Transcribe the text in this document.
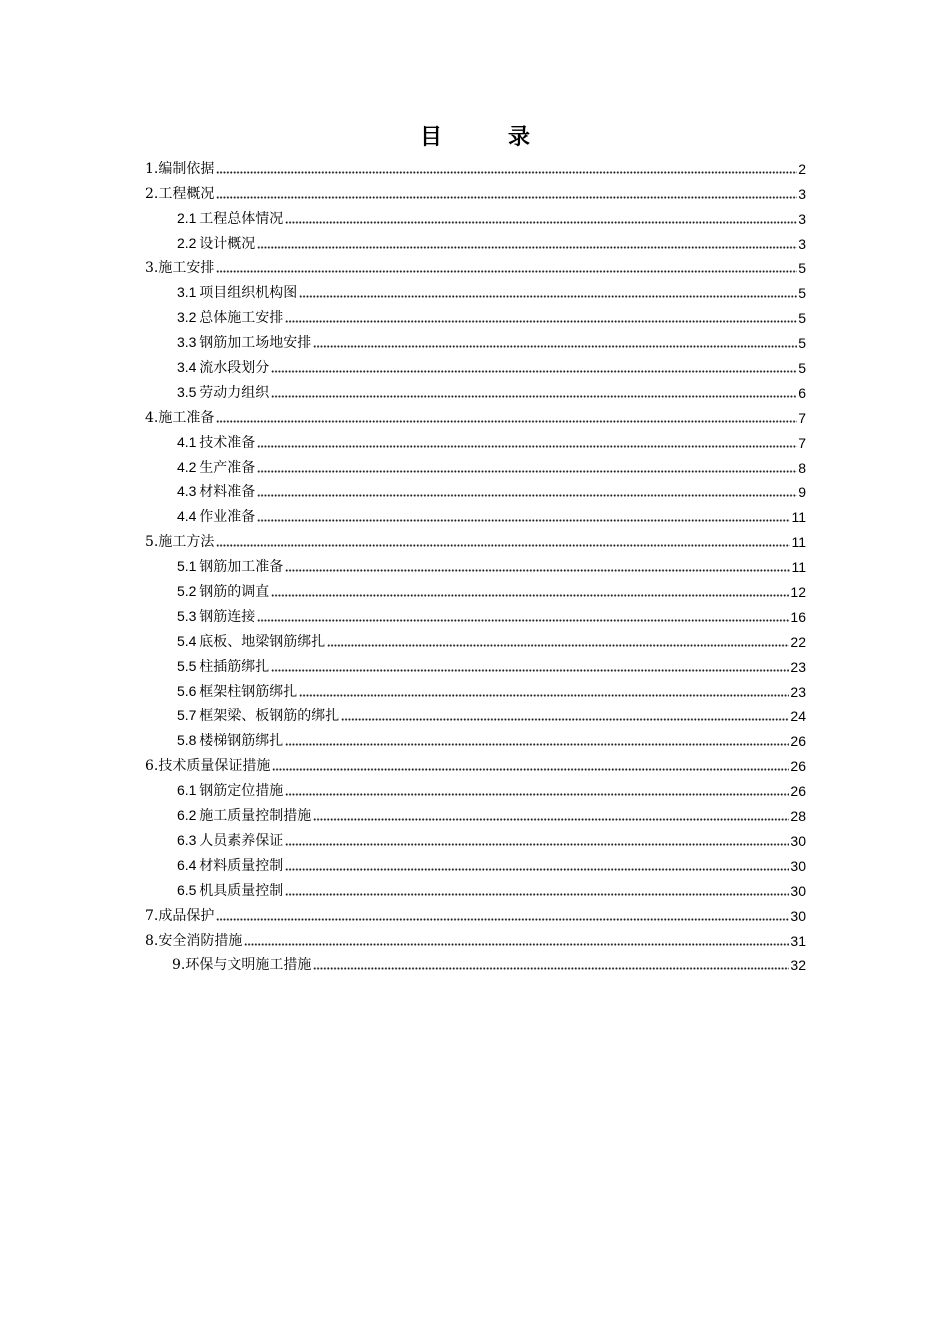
目	录
1.编制依据	2
2.工程概况	3
2.1  工程总体情况	3
2.2  设计概况	3
3.施工安排	5
3.1  项目组织机构图	5
3.2  总体施工安排	5
3.3  钢筋加工场地安排	5
3.4  流水段划分	5
3.5  劳动力组织	6
4.施工准备	7
4.1  技术准备	7
4.2  生产准备	8
4.3  材料准备	9
4.4  作业准备	11
5.施工方法	11
5.1  钢筋加工准备	11
5.2  钢筋的调直	12
5.3  钢筋连接	16
5.4  底板、地梁钢筋绑扎	22
5.5  柱插筋绑扎	23
5.6  框架柱钢筋绑扎	23
5.7  框架梁、板钢筋的绑扎	24
5.8  楼梯钢筋绑扎	26
6.技术质量保证措施	26
6.1  钢筋定位措施	26
6.2  施工质量控制措施	28
6.3  人员素养保证	30
6.4  材料质量控制	30
6.5  机具质量控制	30
7.成品保护	30
8.安全消防措施	31
9.环保与文明施工措施	32
